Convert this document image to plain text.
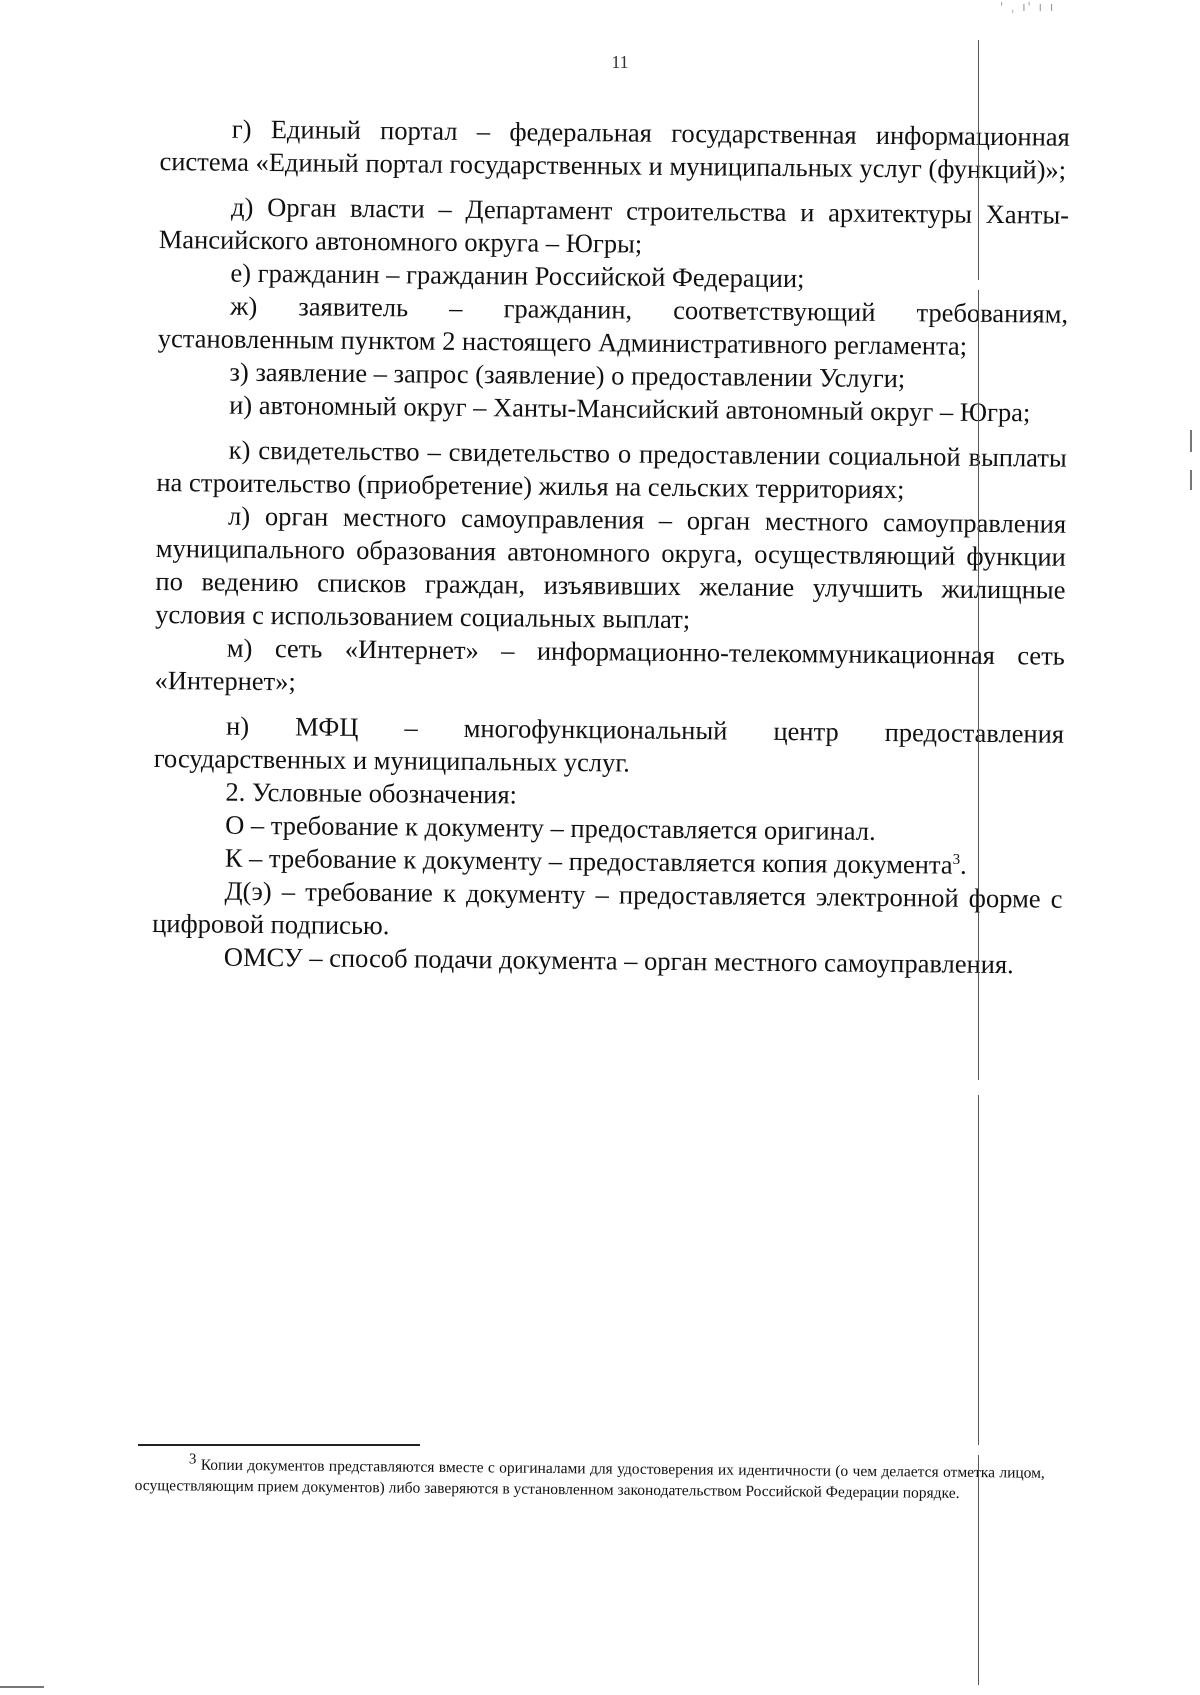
' ˌ ı' ı ı
11

г) Единый портал – федеральная государственная информационная система «Единый портал государственных и муниципальных услуг (функций)»;

д) Орган власти – Департамент строительства и архитектуры Ханты-Мансийского автономного округа – Югры;

е) гражданин – гражданин Российской Федерации;

ж) заявитель – гражданин, соответствующий требованиям, установленным пунктом 2 настоящего Административного регламента;

з) заявление – запрос (заявление) о предоставлении Услуги;

и) автономный округ – Ханты-Мансийский автономный округ – Югра;

к) свидетельство – свидетельство о предоставлении социальной выплаты на строительство (приобретение) жилья на сельских территориях;

л) орган местного самоуправления – орган местного самоуправления муниципального образования автономного округа, осуществляющий функции по ведению списков граждан, изъявивших желание улучшить жилищные условия с использованием социальных выплат;

м) сеть «Интернет» – информационно-телекоммуникационная сеть «Интернет»;

н) МФЦ – многофункциональный центр предоставления государственных и муниципальных услуг.

2. Условные обозначения:

О – требование к документу – предоставляется оригинал.

К – требование к документу – предоставляется копия документа$^3$.

Д(э) – требование к документу – предоставляется электронной форме с цифровой подписью.

ОМСУ – способ подачи документа – орган местного самоуправления.

$^3$ Копии документов представляются вместе с оригиналами для удостоверения их идентичности (о чем делается отметка лицом, осуществляющим прием документов) либо заверяются в установленном законодательством Российской Федерации порядке.
